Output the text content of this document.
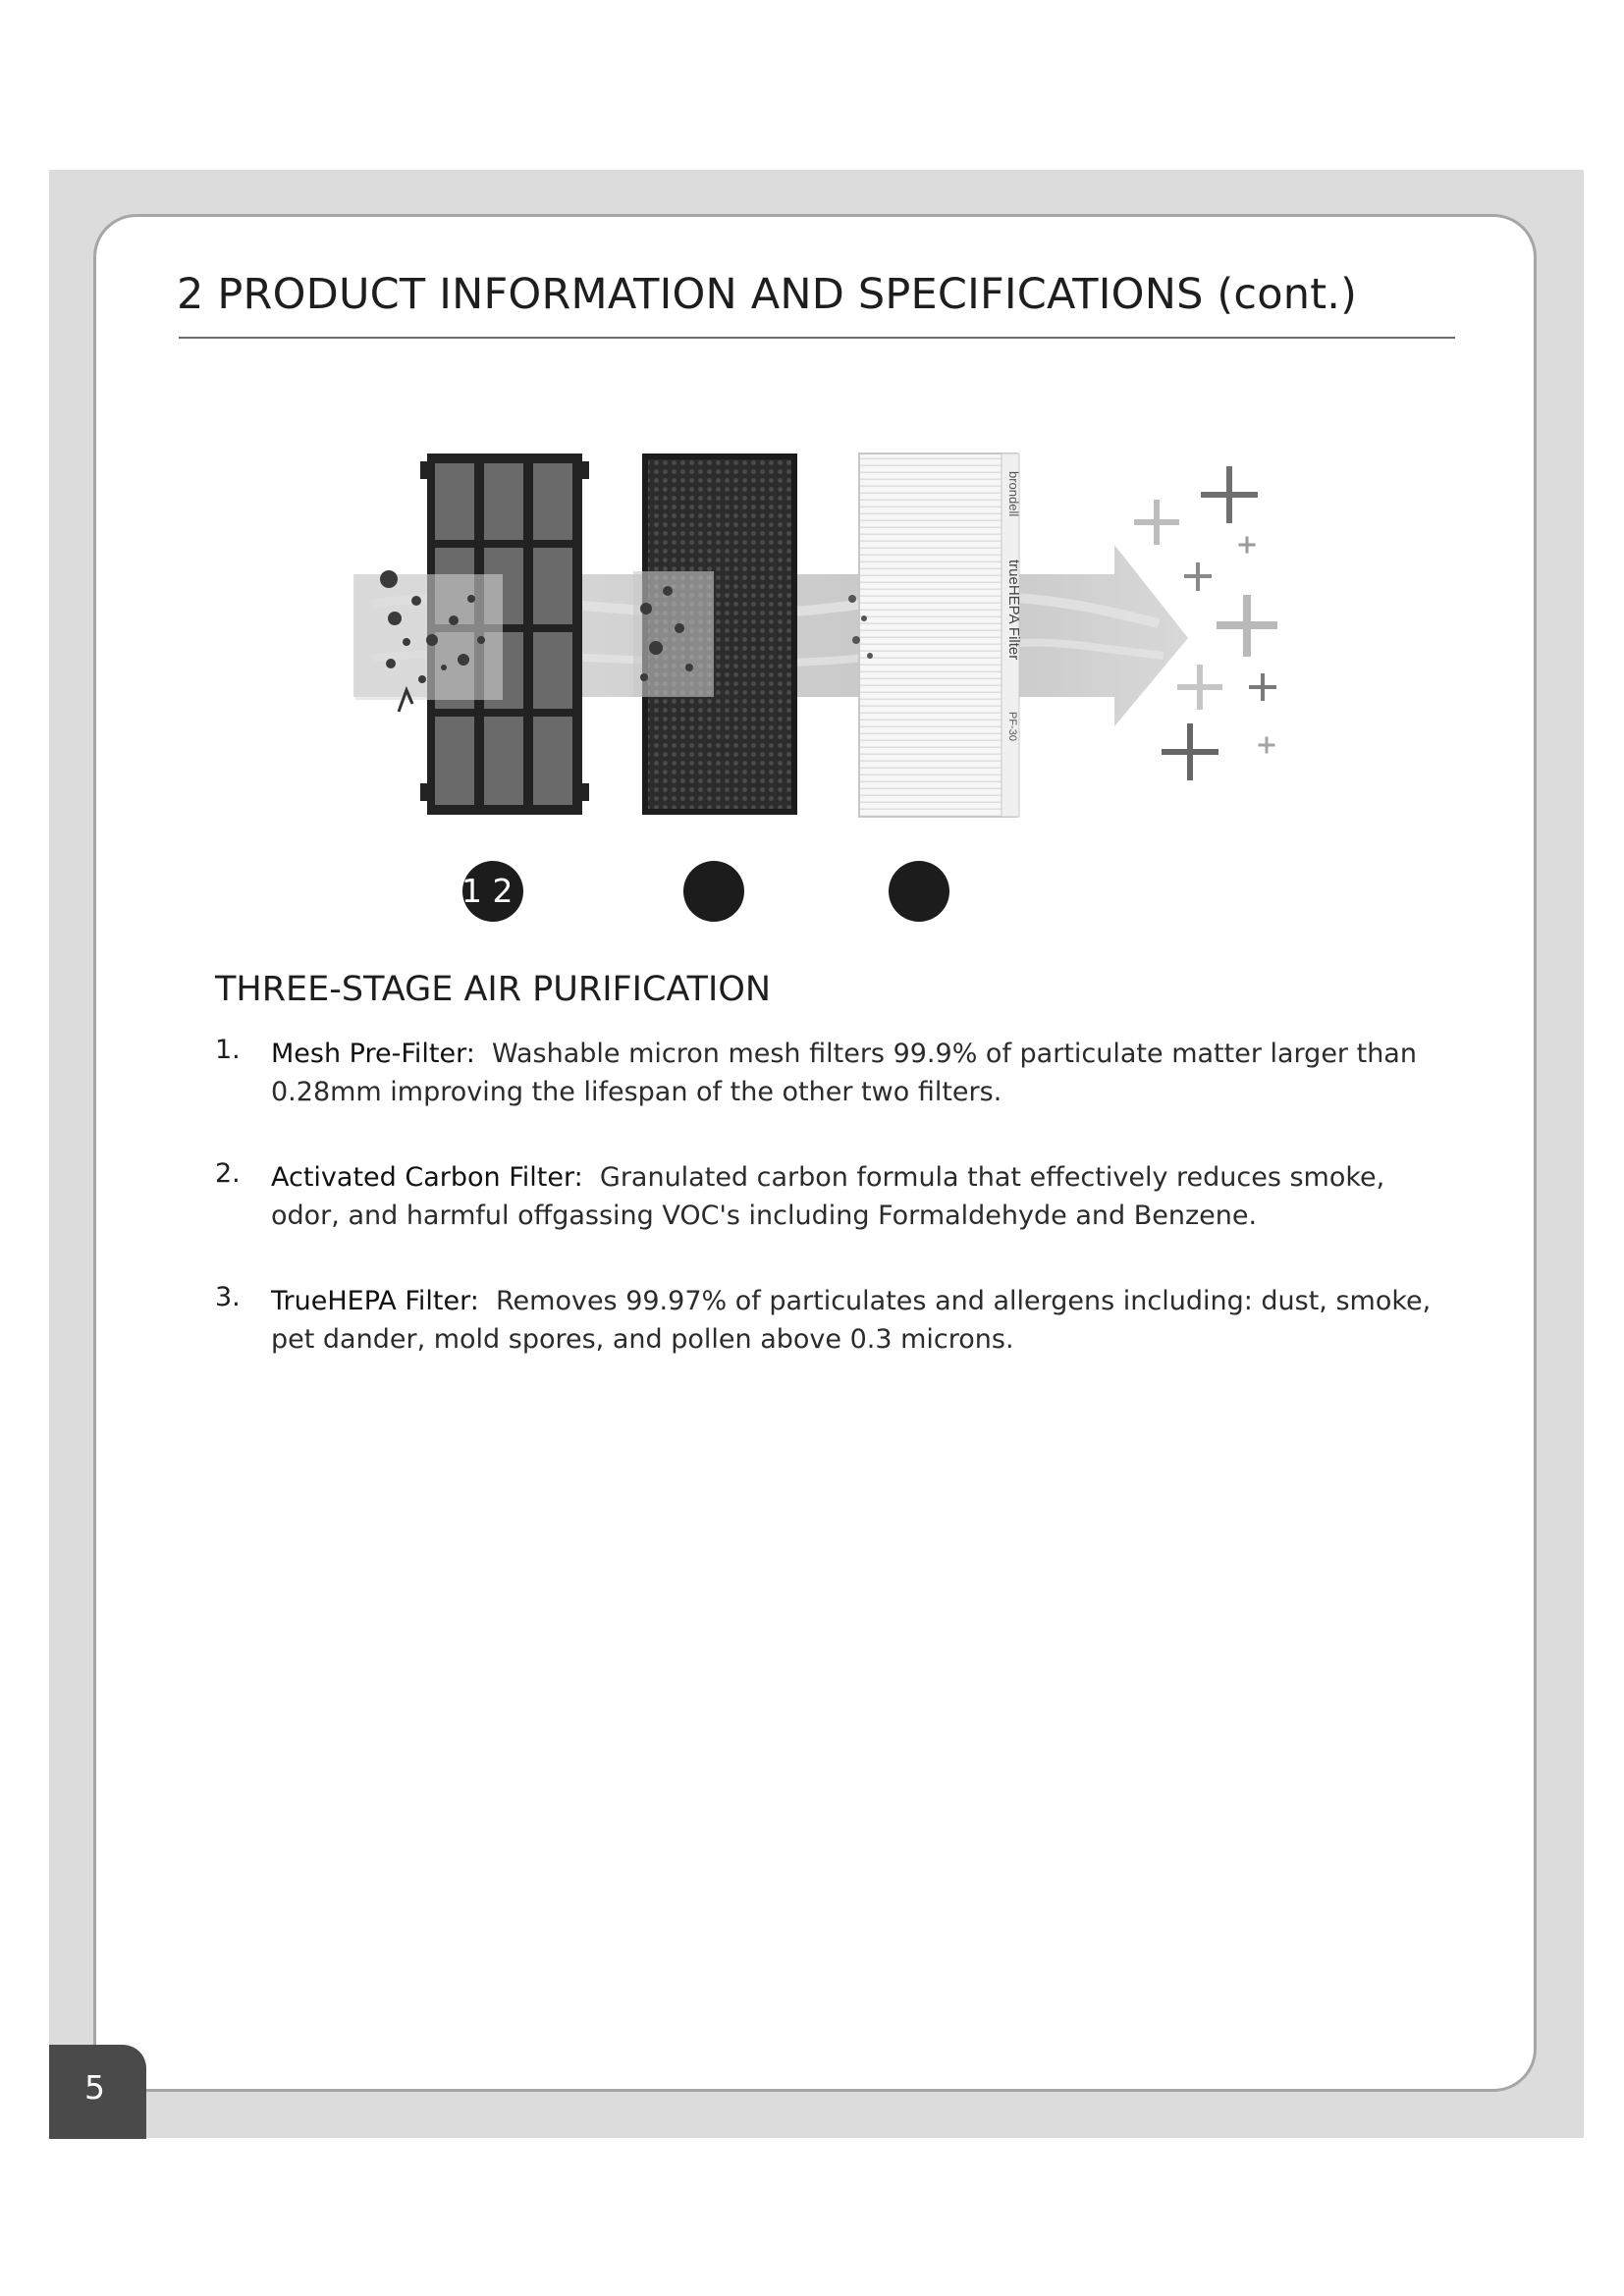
2 PRODUCT INFORMATION AND SPECIFICATIONS (cont.)
brondell
trueHEPA Filter
PF-30
1 2
THREE-STAGE AIR PURIFICATION
1. Mesh Pre-Filter: Washable micron mesh filters 99.9% of particulate matter larger than 0.28mm improving the lifespan of the other two filters.
2. Activated Carbon Filter: Granulated carbon formula that effectively reduces smoke, odor, and harmful offgassing VOC's including Formaldehyde and Benzene.
3. TrueHEPA Filter: Removes 99.97% of particulates and allergens including: dust, smoke, pet dander, mold spores, and pollen above 0.3 microns.
5
